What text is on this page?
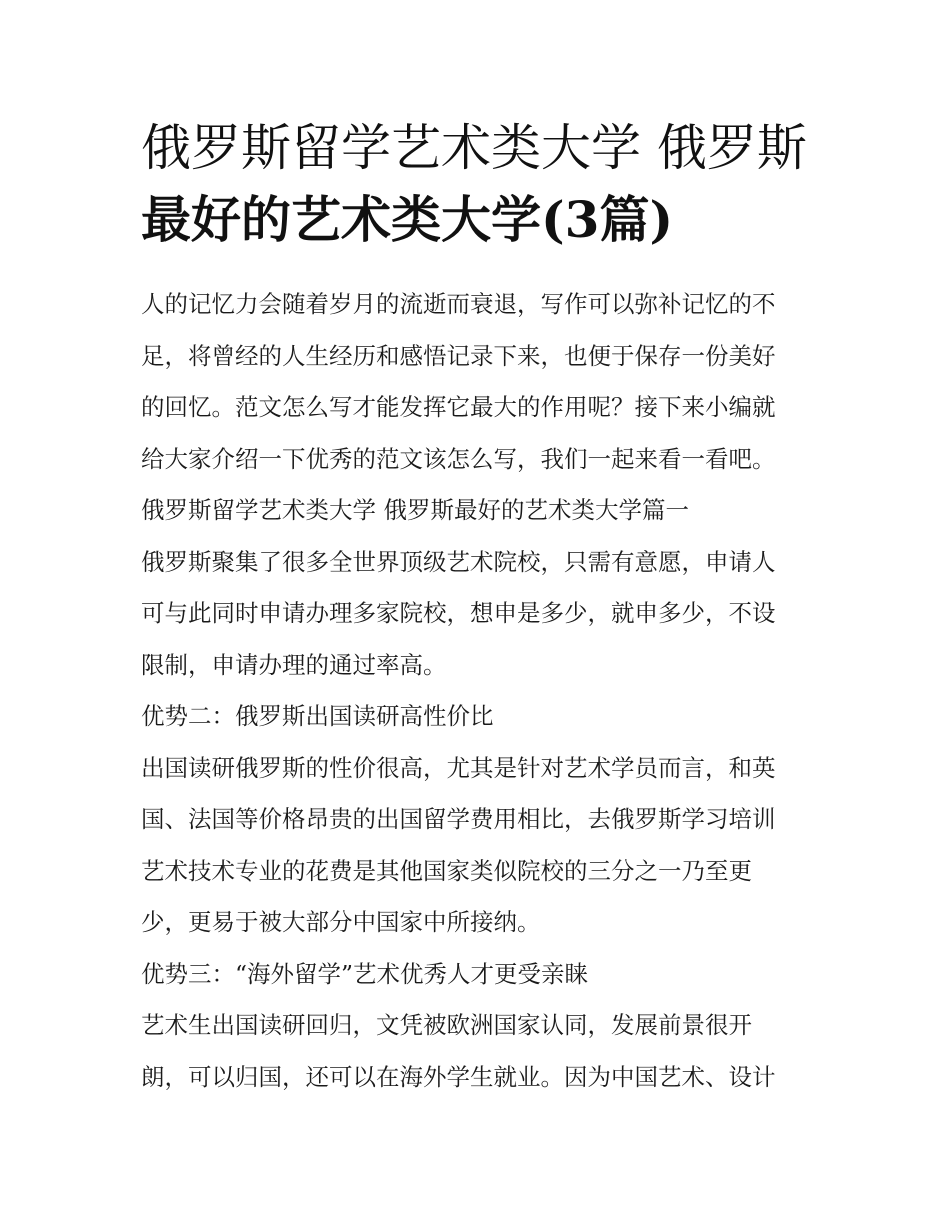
俄罗斯留学艺术类大学 俄罗斯
最好的艺术类大学(3篇)
人的记忆力会随着岁月的流逝而衰退，写作可以弥补记忆的不
足，将曾经的人生经历和感悟记录下来，也便于保存一份美好
的回忆。范文怎么写才能发挥它最大的作用呢？接下来小编就
给大家介绍一下优秀的范文该怎么写，我们一起来看一看吧。
俄罗斯留学艺术类大学 俄罗斯最好的艺术类大学篇一
俄罗斯聚集了很多全世界顶级艺术院校，只需有意愿，申请人
可与此同时申请办理多家院校，想申是多少，就申多少，不设
限制，申请办理的通过率高。
优势二：俄罗斯出国读研高性价比
出国读研俄罗斯的性价很高，尤其是针对艺术学员而言，和英
国、法国等价格昂贵的出国留学费用相比，去俄罗斯学习培训
艺术技术专业的花费是其他国家类似院校的三分之一乃至更
少，更易于被大部分中国家中所接纳。
优势三：“海外留学”艺术优秀人才更受亲睐
艺术生出国读研回归，文凭被欧洲国家认同，发展前景很开
朗，可以归国，还可以在海外学生就业。因为中国艺术、设计
